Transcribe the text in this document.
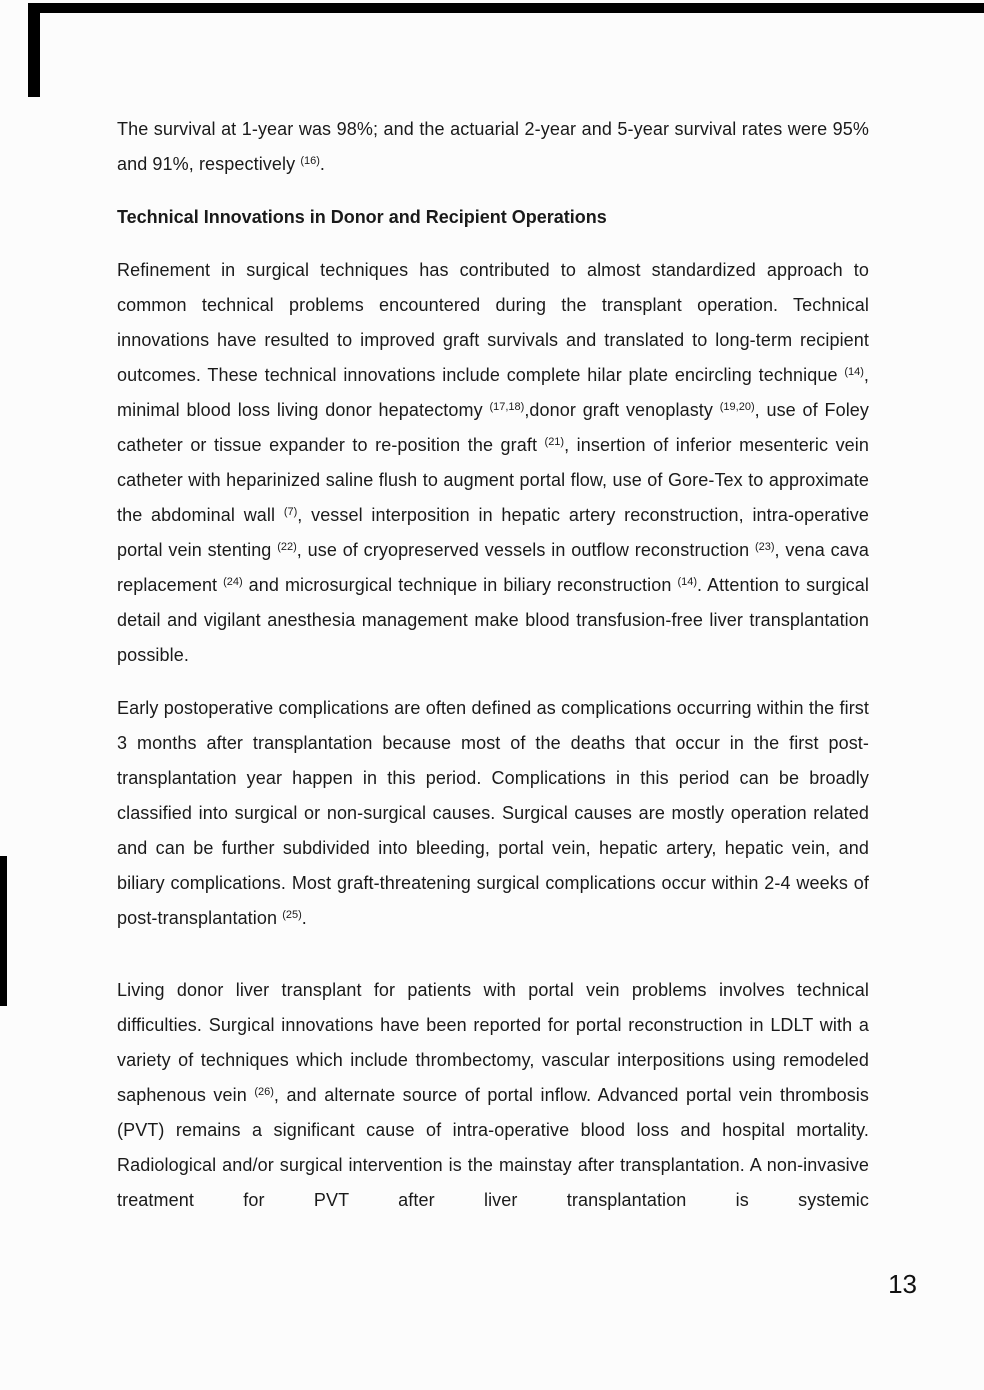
The survival at 1-year was 98%; and the actuarial 2-year and 5-year survival rates were 95% and 91%, respectively $^{(16)}$.

Technical Innovations in Donor and Recipient Operations

Refinement in surgical techniques has contributed to almost standardized approach to common technical problems encountered during the transplant operation. Technical innovations have resulted to improved graft survivals and translated to long-term recipient outcomes. These technical innovations include complete hilar plate encircling technique $^{(14)}$, minimal blood loss living donor hepatectomy $^{(17,18)}$,donor graft venoplasty $^{(19,20)}$, use of Foley catheter or tissue expander to re-position the graft $^{(21)}$, insertion of inferior mesenteric vein catheter with heparinized saline flush to augment portal flow, use of Gore-Tex to approximate the abdominal wall $^{(7)}$, vessel interposition in hepatic artery reconstruction, intra-operative portal vein stenting $^{(22)}$, use of cryopreserved vessels in outflow reconstruction $^{(23)}$, vena cava replacement $^{(24)}$ and microsurgical technique in biliary reconstruction $^{(14)}$. Attention to surgical detail and vigilant anesthesia management make blood transfusion-free liver transplantation possible.

Early postoperative complications are often defined as complications occurring within the first 3 months after transplantation because most of the deaths that occur in the first post-transplantation year happen in this period. Complications in this period can be broadly classified into surgical or non-surgical causes. Surgical causes are mostly operation related and can be further subdivided into bleeding, portal vein, hepatic artery, hepatic vein, and biliary complications. Most graft-threatening surgical complications occur within 2-4 weeks of post-transplantation $^{(25)}$.

Living donor liver transplant for patients with portal vein problems involves technical difficulties. Surgical innovations have been reported for portal reconstruction in LDLT with a variety of techniques which include thrombectomy, vascular interpositions using remodeled saphenous vein $^{(26)}$, and alternate source of portal inflow. Advanced portal vein thrombosis (PVT) remains a significant cause of intra-operative blood loss and hospital mortality. Radiological and/or surgical intervention is the mainstay after transplantation. A non-invasive treatment for PVT after liver transplantation is systemic

13
